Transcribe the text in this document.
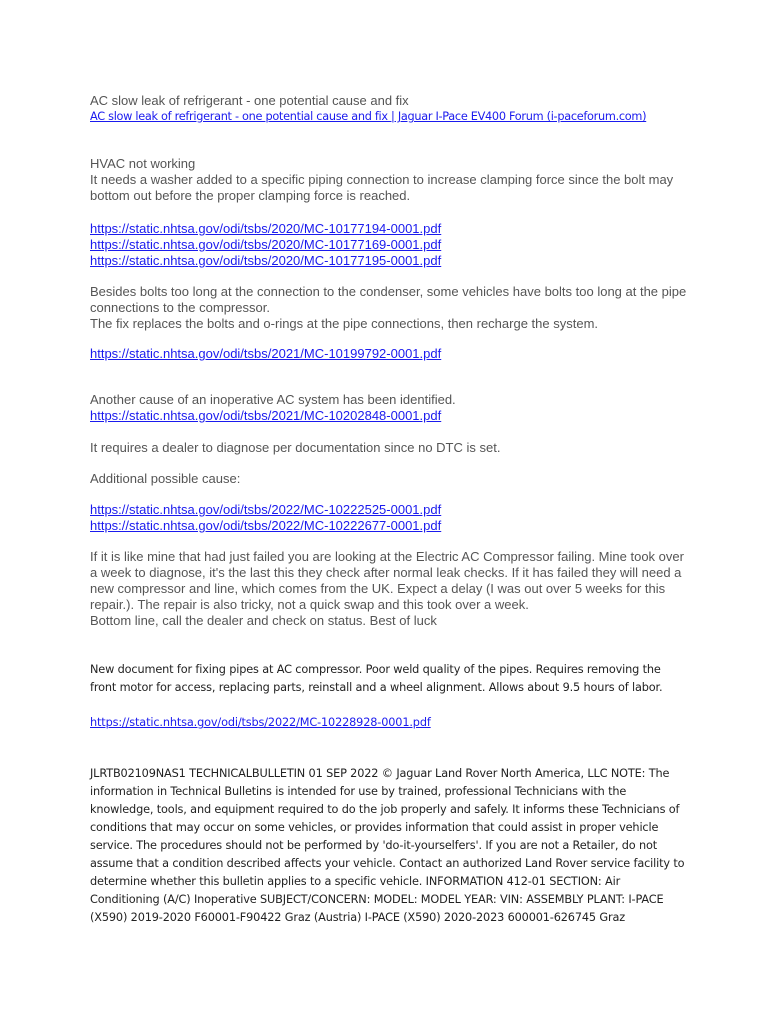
AC slow leak of refrigerant - one potential cause and fix
AC slow leak of refrigerant - one potential cause and fix | Jaguar I-Pace EV400 Forum (i-paceforum.com)
HVAC not working
It needs a washer added to a specific piping connection to increase clamping force since the bolt may bottom out before the proper clamping force is reached.
https://static.nhtsa.gov/odi/tsbs/2020/MC-10177194-0001.pdf
https://static.nhtsa.gov/odi/tsbs/2020/MC-10177169-0001.pdf
https://static.nhtsa.gov/odi/tsbs/2020/MC-10177195-0001.pdf
Besides bolts too long at the connection to the condenser, some vehicles have bolts too long at the pipe connections to the compressor.
The fix replaces the bolts and o-rings at the pipe connections, then recharge the system.
https://static.nhtsa.gov/odi/tsbs/2021/MC-10199792-0001.pdf
Another cause of an inoperative AC system has been identified.
https://static.nhtsa.gov/odi/tsbs/2021/MC-10202848-0001.pdf
It requires a dealer to diagnose per documentation since no DTC is set.
Additional possible cause:
https://static.nhtsa.gov/odi/tsbs/2022/MC-10222525-0001.pdf
https://static.nhtsa.gov/odi/tsbs/2022/MC-10222677-0001.pdf
If it is like mine that had just failed you are looking at the Electric AC Compressor failing. Mine took over a week to diagnose, it's the last this they check after normal leak checks. If it has failed they will need a new compressor and line, which comes from the UK. Expect a delay (I was out over 5 weeks for this repair.). The repair is also tricky, not a quick swap and this took over a week.
Bottom line, call the dealer and check on status. Best of luck
New document for fixing pipes at AC compressor. Poor weld quality of the pipes. Requires removing the front motor for access, replacing parts, reinstall and a wheel alignment. Allows about 9.5 hours of labor.
https://static.nhtsa.gov/odi/tsbs/2022/MC-10228928-0001.pdf
JLRTB02109NAS1 TECHNICALBULLETIN 01 SEP 2022 © Jaguar Land Rover North America, LLC NOTE: The information in Technical Bulletins is intended for use by trained, professional Technicians with the knowledge, tools, and equipment required to do the job properly and safely. It informs these Technicians of conditions that may occur on some vehicles, or provides information that could assist in proper vehicle service. The procedures should not be performed by 'do-it-yourselfers'. If you are not a Retailer, do not assume that a condition described affects your vehicle. Contact an authorized Land Rover service facility to determine whether this bulletin applies to a specific vehicle. INFORMATION 412-01 SECTION: Air Conditioning (A/C) Inoperative SUBJECT/CONCERN: MODEL: MODEL YEAR: VIN: ASSEMBLY PLANT: I-PACE (X590) 2019-2020 F60001-F90422 Graz (Austria) I-PACE (X590) 2020-2023 600001-626745 Graz
